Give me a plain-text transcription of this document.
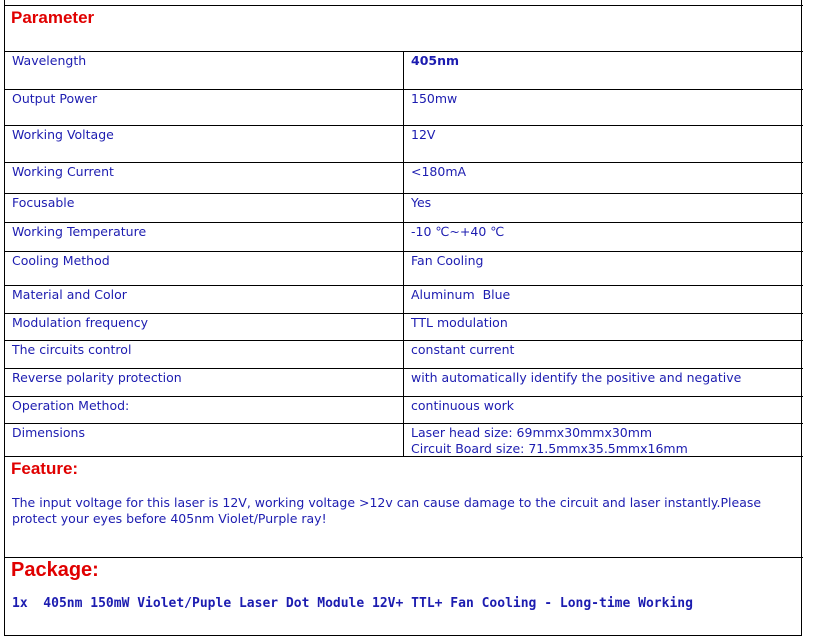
Parameter
Wavelength	405nm
Output Power	150mw
Working Voltage	12V
Working Current	<180mA
Focusable	Yes
Working Temperature	-10 ℃~+40 ℃
Cooling Method	Fan Cooling
Material and Color	Aluminum  Blue
Modulation frequency	TTL modulation
The circuits control	constant current
Reverse polarity protection	with automatically identify the positive and negative
Operation Method:	continuous work
Dimensions	Laser head size: 69mmx30mmx30mm
Circuit Board size: 71.5mmx35.5mmx16mm
Feature:
The input voltage for this laser is 12V, working voltage >12v can cause damage to the circuit and laser instantly.Please protect your eyes before 405nm Violet/Purple ray!
Package:
1x  405nm 150mW Violet/Puple Laser Dot Module 12V+ TTL+ Fan Cooling - Long-time Working
